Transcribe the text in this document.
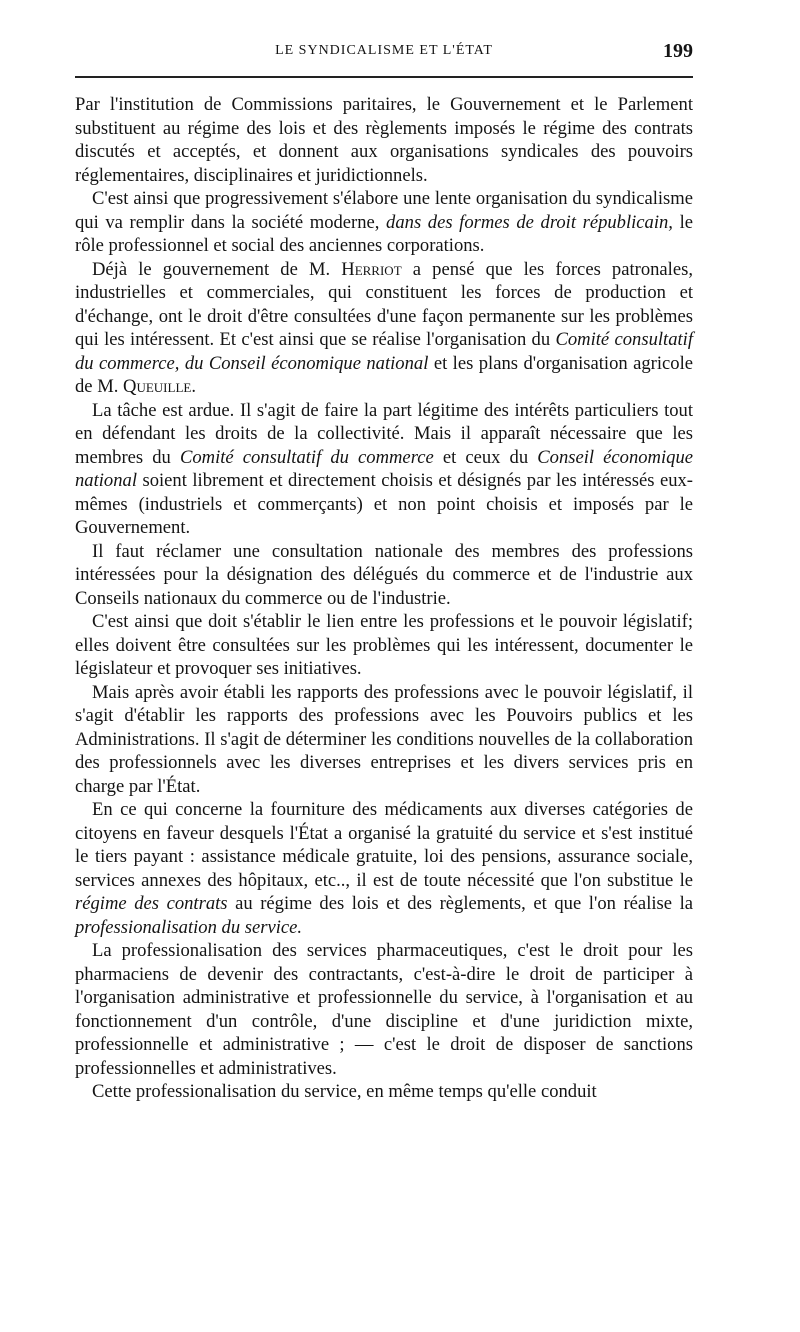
LE SYNDICALISME ET L'ÉTAT	199

Par l'institution de Commissions paritaires, le Gouvernement et le Parlement substituent au régime des lois et des règlements imposés le régime des contrats discutés et acceptés, et donnent aux organisations syndicales des pouvoirs réglementaires, disciplinaires et juridictionnels.

C'est ainsi que progressivement s'élabore une lente organisation du syndicalisme qui va remplir dans la société moderne, dans des formes de droit républicain, le rôle professionnel et social des anciennes corporations.

Déjà le gouvernement de M. Herriot a pensé que les forces patronales, industrielles et commerciales, qui constituent les forces de production et d'échange, ont le droit d'être consultées d'une façon permanente sur les problèmes qui les intéressent. Et c'est ainsi que se réalise l'organisation du Comité consultatif du commerce, du Conseil économique national et les plans d'organisation agricole de M. Queuille.

La tâche est ardue. Il s'agit de faire la part légitime des intérêts particuliers tout en défendant les droits de la collectivité. Mais il apparaît nécessaire que les membres du Comité consultatif du commerce et ceux du Conseil économique national soient librement et directement choisis et désignés par les intéressés eux-mêmes (industriels et commerçants) et non point choisis et imposés par le Gouvernement.

Il faut réclamer une consultation nationale des membres des professions intéressées pour la désignation des délégués du commerce et de l'industrie aux Conseils nationaux du commerce ou de l'industrie.

C'est ainsi que doit s'établir le lien entre les professions et le pouvoir législatif; elles doivent être consultées sur les problèmes qui les intéressent, documenter le législateur et provoquer ses initiatives.

Mais après avoir établi les rapports des professions avec le pouvoir législatif, il s'agit d'établir les rapports des professions avec les Pouvoirs publics et les Administrations. Il s'agit de déterminer les conditions nouvelles de la collaboration des professionnels avec les diverses entreprises et les divers services pris en charge par l'État.

En ce qui concerne la fourniture des médicaments aux diverses catégories de citoyens en faveur desquels l'État a organisé la gratuité du service et s'est institué le tiers payant : assistance médicale gratuite, loi des pensions, assurance sociale, services annexes des hôpitaux, etc.., il est de toute nécessité que l'on substitue le régime des contrats au régime des lois et des règlements, et que l'on réalise la professionalisation du service.

La professionalisation des services pharmaceutiques, c'est le droit pour les pharmaciens de devenir des contractants, c'est-à-dire le droit de participer à l'organisation administrative et professionnelle du service, à l'organisation et au fonctionnement d'un contrôle, d'une discipline et d'une juridiction mixte, professionnelle et administrative ; — c'est le droit de disposer de sanctions professionnelles et administratives.

Cette professionalisation du service, en même temps qu'elle conduit
